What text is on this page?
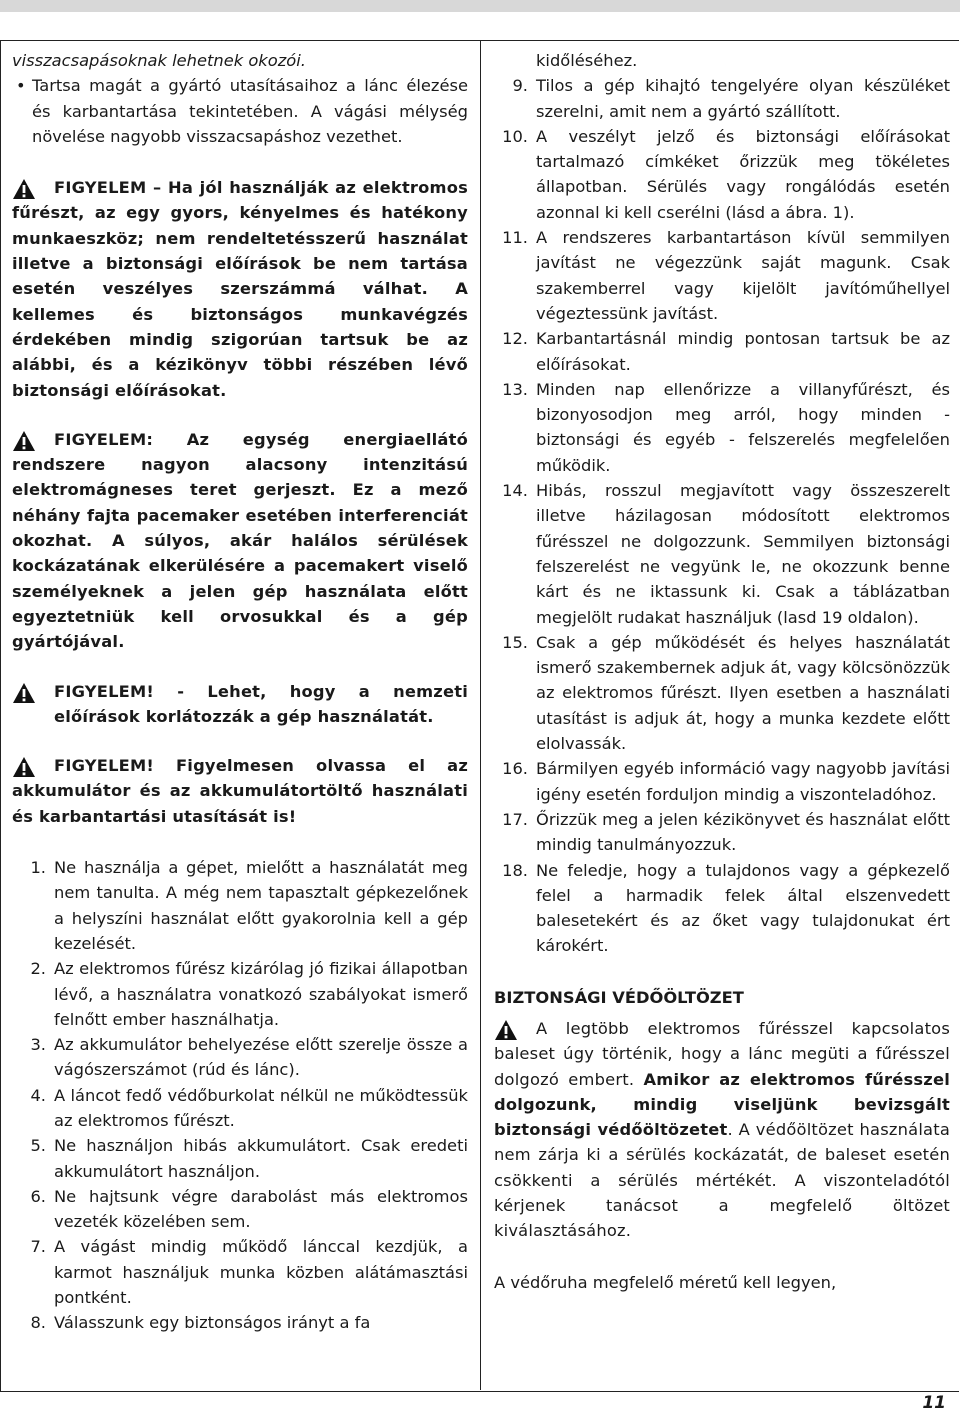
visszacsapásoknak lehetnek okozói.

• Tartsa magát a gyártó utasításaihoz a lánc élezése és karbantartása tekintetében. A vágási mélység növelése nagyobb visszacsapáshoz vezethet.

FIGYELEM – Ha jól használják az elektromos fűrészt, az egy gyors, kényelmes és hatékony munkaeszköz; nem rendeltetésszerű használat illetve a biztonsági előírások be nem tartása esetén veszélyes szerszámmá válhat. A kellemes és biztonságos munkavégzés érdekében mindig szigorúan tartsuk be az alábbi, és a kézikönyv többi részében lévő biztonsági előírásokat.

FIGYELEM: Az egység energiaellátó rendszere nagyon alacsony intenzitású elektromágneses teret gerjeszt. Ez a mező néhány fajta pacemaker esetében interferenciát okozhat. A súlyos, akár halálos sérülések kockázatának elkerülésére a pacemakert viselő személyeknek a jelen gép használata előtt egyeztetniük kell orvosukkal és a gép gyártójával.

FIGYELEM! - Lehet, hogy a nemzeti előírások korlátozzák a gép használatát.

FIGYELEM! Figyelmesen olvassa el az akkumulátor és az akkumulátortöltő használati és karbantartási utasítását is!

1. Ne használja a gépet, mielőtt a használatát meg nem tanulta. A még nem tapasztalt gépkezelőnek a helyszíni használat előtt gyakorolnia kell a gép kezelését.
2. Az elektromos fűrész kizárólag jó fizikai állapotban lévő, a használatra vonatkozó szabályokat ismerő felnőtt ember használhatja.
3. Az akkumulátor behelyezése előtt szerelje össze a vágószerszámot (rúd és lánc).
4. A láncot fedő védőburkolat nélkül ne működtessük az elektromos fűrészt.
5. Ne használjon hibás akkumulátort. Csak eredeti akkumulátort használjon.
6. Ne hajtsunk végre darabolást más elektromos vezeték közelében sem.
7. A vágást mindig működő lánccal kezdjük, a karmot használjuk munka közben alátámasztási pontként.
8. Válasszunk egy biztonságos irányt a fa

kidőléséhez.

9. Tilos a gép kihajtó tengelyére olyan készüléket szerelni, amit nem a gyártó szállított.
10. A veszélyt jelző és biztonsági előírásokat tartalmazó címkéket őrizzük meg tökéletes állapotban. Sérülés vagy rongálódás esetén azonnal ki kell cserélni (lásd a ábra. 1).
11. A rendszeres karbantartáson kívül semmilyen javítást ne végezzünk saját magunk. Csak szakemberrel vagy kijelölt javítóműhellyel végeztessünk javítást.
12. Karbantartásnál mindig pontosan tartsuk be az előírásokat.
13. Minden nap ellenőrizze a villanyfűrészt, és bizonyosodjon meg arról, hogy minden - biztonsági és egyéb - felszerelés megfelelően működik.
14. Hibás, rosszul megjavított vagy összeszerelt illetve házilagosan módosított elektromos fűrésszel ne dolgozzunk. Semmilyen biztonsági felszerelést ne vegyünk le, ne okozzunk benne kárt és ne iktassunk ki. Csak a táblázatban megjelölt rudakat használjuk (lasd 19 oldalon).
15. Csak a gép működését és helyes használatát ismerő szakembernek adjuk át, vagy kölcsönözzük az elektromos fűrészt. Ilyen esetben a használati utasítást is adjuk át, hogy a munka kezdete előtt elolvassák.
16. Bármilyen egyéb információ vagy nagyobb javítási igény esetén forduljon mindig a viszonteladóhoz.
17. Őrizzük meg a jelen kézikönyvet és használat előtt mindig tanulmányozzuk.
18. Ne feledje, hogy a tulajdonos vagy a gépkezelő felel a harmadik felek által elszenvedett balesetekért és az őket vagy tulajdonukat ért károkért.

BIZTONSÁGI VÉDŐÖLTÖZET

A legtöbb elektromos fűrésszel kapcsolatos baleset úgy történik, hogy a lánc megüti a fűrésszel dolgozó embert. Amikor az elektromos fűrésszel dolgozunk, mindig viseljünk bevizsgált biztonsági védőöltözetet. A védőöltözet használata nem zárja ki a sérülés kockázatát, de baleset esetén csökkenti a sérülés mértékét. A viszonteladótól kérjenek tanácsot a megfelelő öltözet kiválasztásához.

A védőruha megfelelő méretű kell legyen,

11
